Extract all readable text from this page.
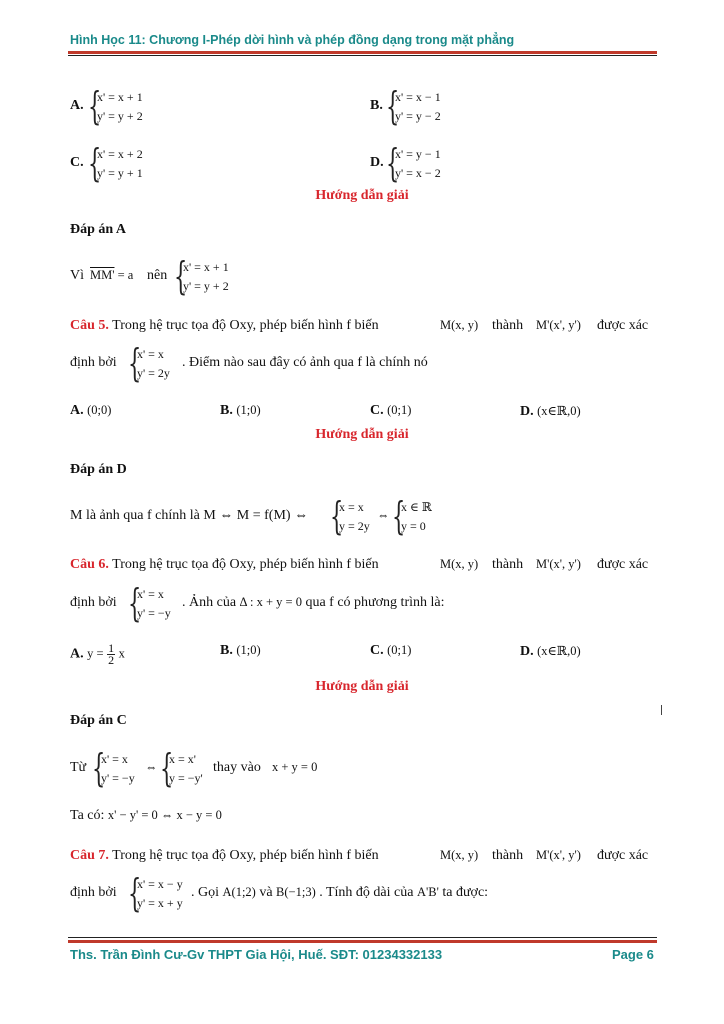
Hình Học 11: Chương I-Phép dời hình và phép đồng dạng trong mặt phẳng
A. {
x' = x + 1
y' = y + 2
B. {
x' = x − 1
y' = y − 2
C. {
x' = x + 2
y' = y + 1
D. {
x' = y − 1
y' = x − 2
Hướng dẫn giải
Đáp án A
Vì MM' = a nên {
x' = x + 1
y' = y + 2
Câu 5. Trong hệ trục tọa độ Oxy, phép biến hình f biến	M(x, y) thành M'(x', y') được xác
định bởi {
x' = x
y' = 2y
. Điểm nào sau đây có ảnh qua f là chính nó
A. (0;0)	B. (1;0)	C. (0;1)	D. (x∈ℝ,0)
Hướng dẫn giải
Đáp án D
M là ảnh qua f chính là M ⇔ M = f(M) ⇔ {
x = x
y = 2y
⇔ {
x ∈ ℝ
y = 0
Câu 6. Trong hệ trục tọa độ Oxy, phép biến hình f biến	M(x, y) thành M'(x', y') được xác
định bởi {
x' = x
y' = −y
. Ảnh của Δ : x + y = 0 qua f có phương trình là:
A. $y = \frac{1}{2}$ x	B. (1;0)	C. (0;1)	D. (x∈ℝ,0)
Hướng dẫn giải
Đáp án C
Từ {
x' = x
y' = −y
⇔ {
x = x'
y = −y'
thay vào x + y = 0
Ta có: x' − y' = 0 ⇔ x − y = 0
Câu 7. Trong hệ trục tọa độ Oxy, phép biến hình f biến	M(x, y) thành M'(x', y') được xác
định bởi {
x' = x − y
y' = x + y
. Gọi A(1;2) và B(−1;3) . Tính độ dài của A'B' ta được:
Ths. Trần Đình Cư-Gv THPT Gia Hội, Huế. SĐT: 01234332133	Page 6
